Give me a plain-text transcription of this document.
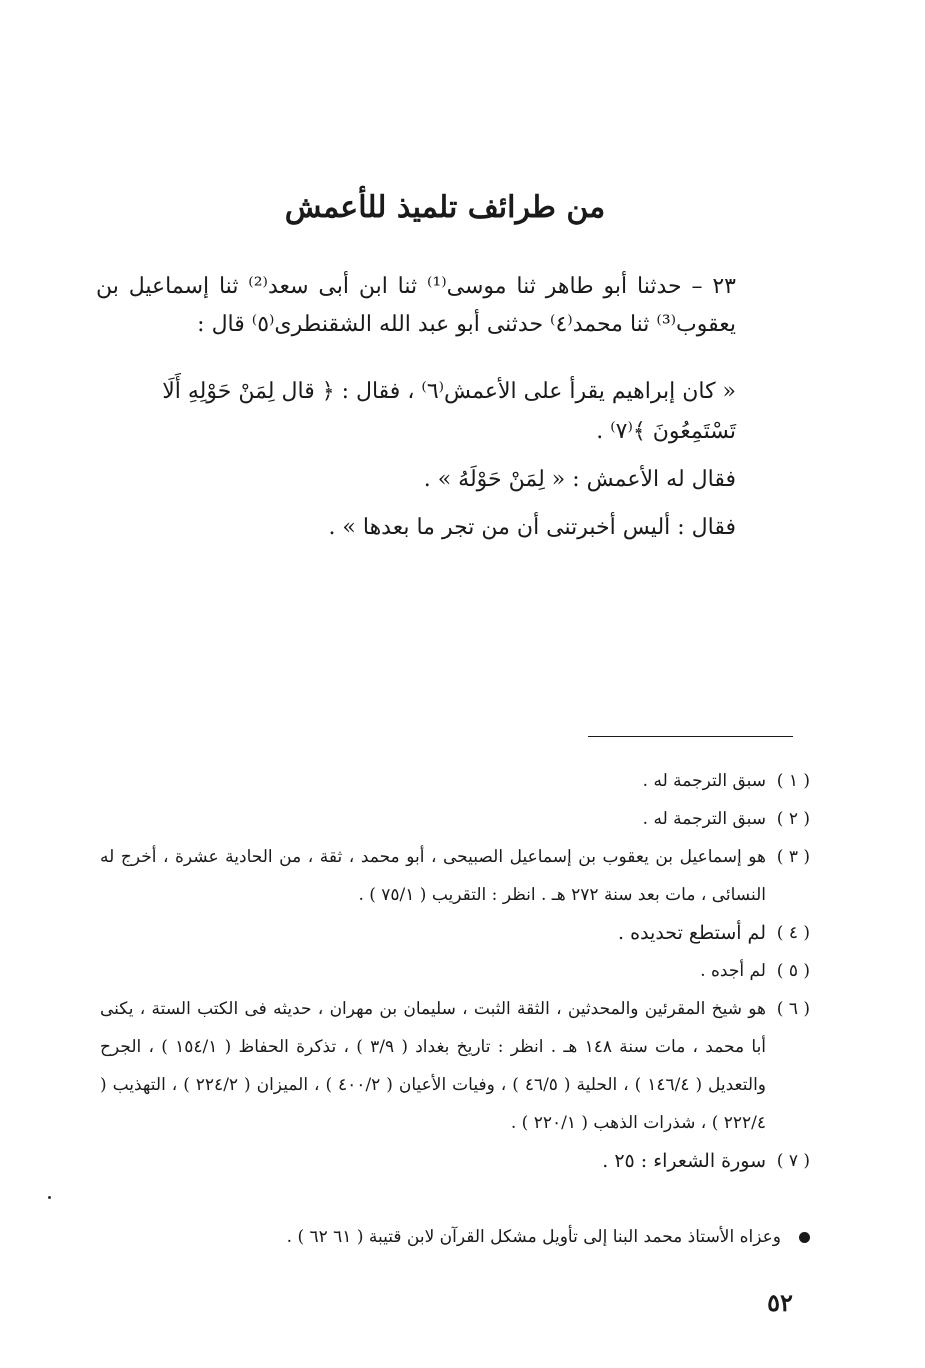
من طرائف تلميذ للأعمش

٢٣ – حدثنا أبو طاهر ثنا موسى⁽¹⁾ ثنا ابن أبى سعد⁽²⁾ ثنا إسماعيل بن يعقوب⁽³⁾ ثنا محمد⁽٤⁾ حدثنى أبو عبد الله الشقنطرى⁽٥⁾ قال :

« كان إبراهيم يقرأ على الأعمش⁽٦⁾ ، فقال : ﴿ قال لِمَنْ حَوْلِهِ أَلَا تَسْتَمِعُونَ ﴾⁽٧⁾ .

فقال له الأعمش : « لِمَنْ حَوْلَهُ » .

فقال : أليس أخبرتنى أن من تجر ما بعدها » .

( ١ )
سبق الترجمة له .
( ٢ )
سبق الترجمة له .
( ٣ )
هو إسماعيل بن يعقوب بن إسماعيل الصبيحى ، أبو محمد ، ثقة ، من الحادية عشرة ، أخرج له النسائى ، مات بعد سنة ٢٧٢ هـ . انظر : التقريب ( ٧٥/١ ) .
( ٤ )
لم أستطع تحديده .
( ٥ )
لم أجده .
( ٦ )
هو شيخ المقرئين والمحدثين ، الثقة الثبت ، سليمان بن مهران ، حديثه فى الكتب الستة ، يكنى أبا محمد ، مات سنة ١٤٨ هـ . انظر : تاريخ بغداد ( ٣/٩ ) ، تذكرة الحفاظ ( ١٥٤/١ ) ، الجرح والتعديل ( ١٤٦/٤ ) ، الحلية ( ٤٦/٥ ) ، وفيات الأعيان ( ٤٠٠/٢ ) ، الميزان ( ٢٢٤/٢ ) ، التهذيب ( ٢٢٢/٤ ) ، شذرات الذهب ( ٢٢٠/١ ) .
( ٧ )
سورة الشعراء : ٢٥ .
وعزاه الأستاذ محمد البنا إلى تأويل مشكل القرآن لابن قتيبة ( ٦١ ٦٢ ) .
٥٢
